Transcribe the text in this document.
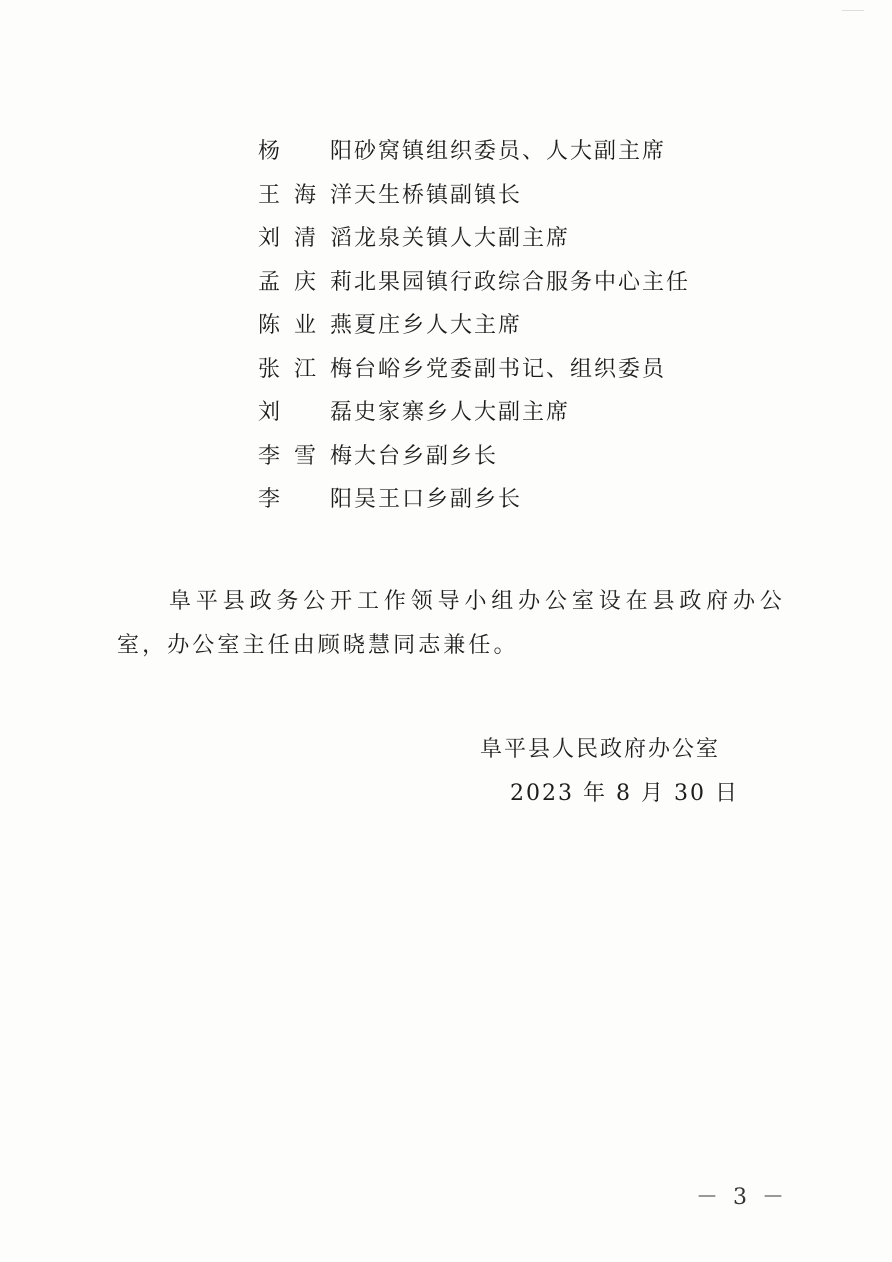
杨　阳 砂窝镇组织委员、人大副主席
王海洋 天生桥镇副镇长
刘清滔 龙泉关镇人大副主席
孟庆莉 北果园镇行政综合服务中心主任
陈业燕 夏庄乡人大主席
张江梅 台峪乡党委副书记、组织委员
刘　磊 史家寨乡人大副主席
李雪梅 大台乡副乡长
李　阳 吴王口乡副乡长

阜平县政务公开工作领导小组办公室设在县政府办公室，办公室主任由顾晓慧同志兼任。

阜平县人民政府办公室
2023 年 8 月 30 日
－ 3 －
